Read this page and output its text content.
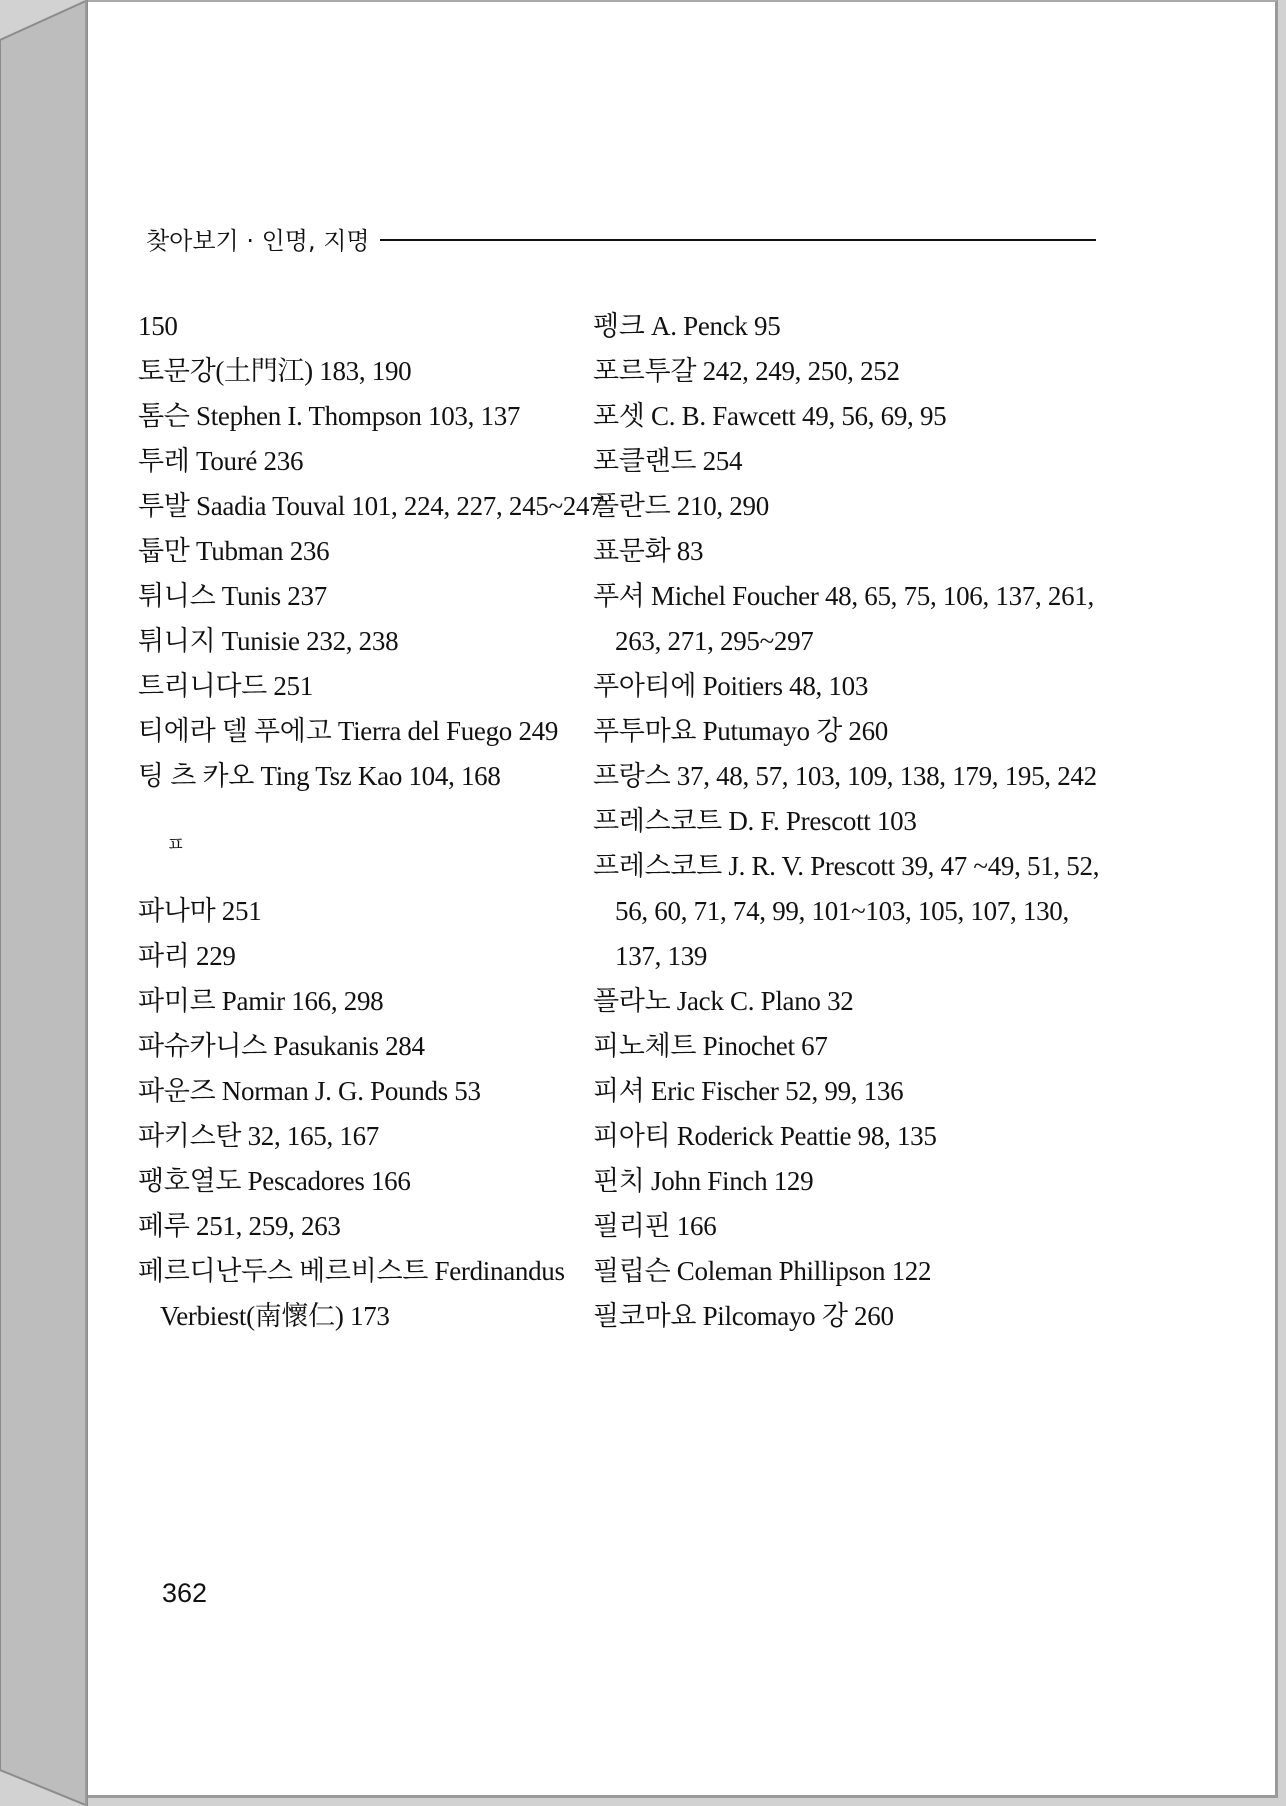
찾아보기 · 인명, 지명
150
토문강(土門江) 183, 190
톰슨 Stephen I. Thompson 103, 137
투레 Touré 236
투발 Saadia Touval 101, 224, 227, 245~247
툽만 Tubman 236
튀니스 Tunis 237
튀니지 Tunisie 232, 238
트리니다드 251
티에라 델 푸에고 Tierra del Fuego 249
팅 츠 카오 Ting Tsz Kao 104, 168
ㅍ
파나마 251
파리 229
파미르 Pamir 166, 298
파슈카니스 Pasukanis 284
파운즈 Norman J. G. Pounds 53
파키스탄 32, 165, 167
팽호열도 Pescadores 166
페루 251, 259, 263
페르디난두스 베르비스트 Ferdinandus Verbiest(南懷仁) 173
펭크 A. Penck 95
포르투갈 242, 249, 250, 252
포셋 C. B. Fawcett 49, 56, 69, 95
포클랜드 254
폴란드 210, 290
표문화 83
푸셔 Michel Foucher 48, 65, 75, 106, 137, 261, 263, 271, 295~297
푸아티에 Poitiers 48, 103
푸투마요 Putumayo 강 260
프랑스 37, 48, 57, 103, 109, 138, 179, 195, 242
프레스코트 D. F. Prescott 103
프레스코트 J. R. V. Prescott 39, 47 ~49, 51, 52, 56, 60, 71, 74, 99, 101~103, 105, 107, 130, 137, 139
플라노 Jack C. Plano 32
피노체트 Pinochet 67
피셔 Eric Fischer 52, 99, 136
피아티 Roderick Peattie 98, 135
핀치 John Finch 129
필리핀 166
필립슨 Coleman Phillipson 122
필코마요 Pilcomayo 강 260
362
